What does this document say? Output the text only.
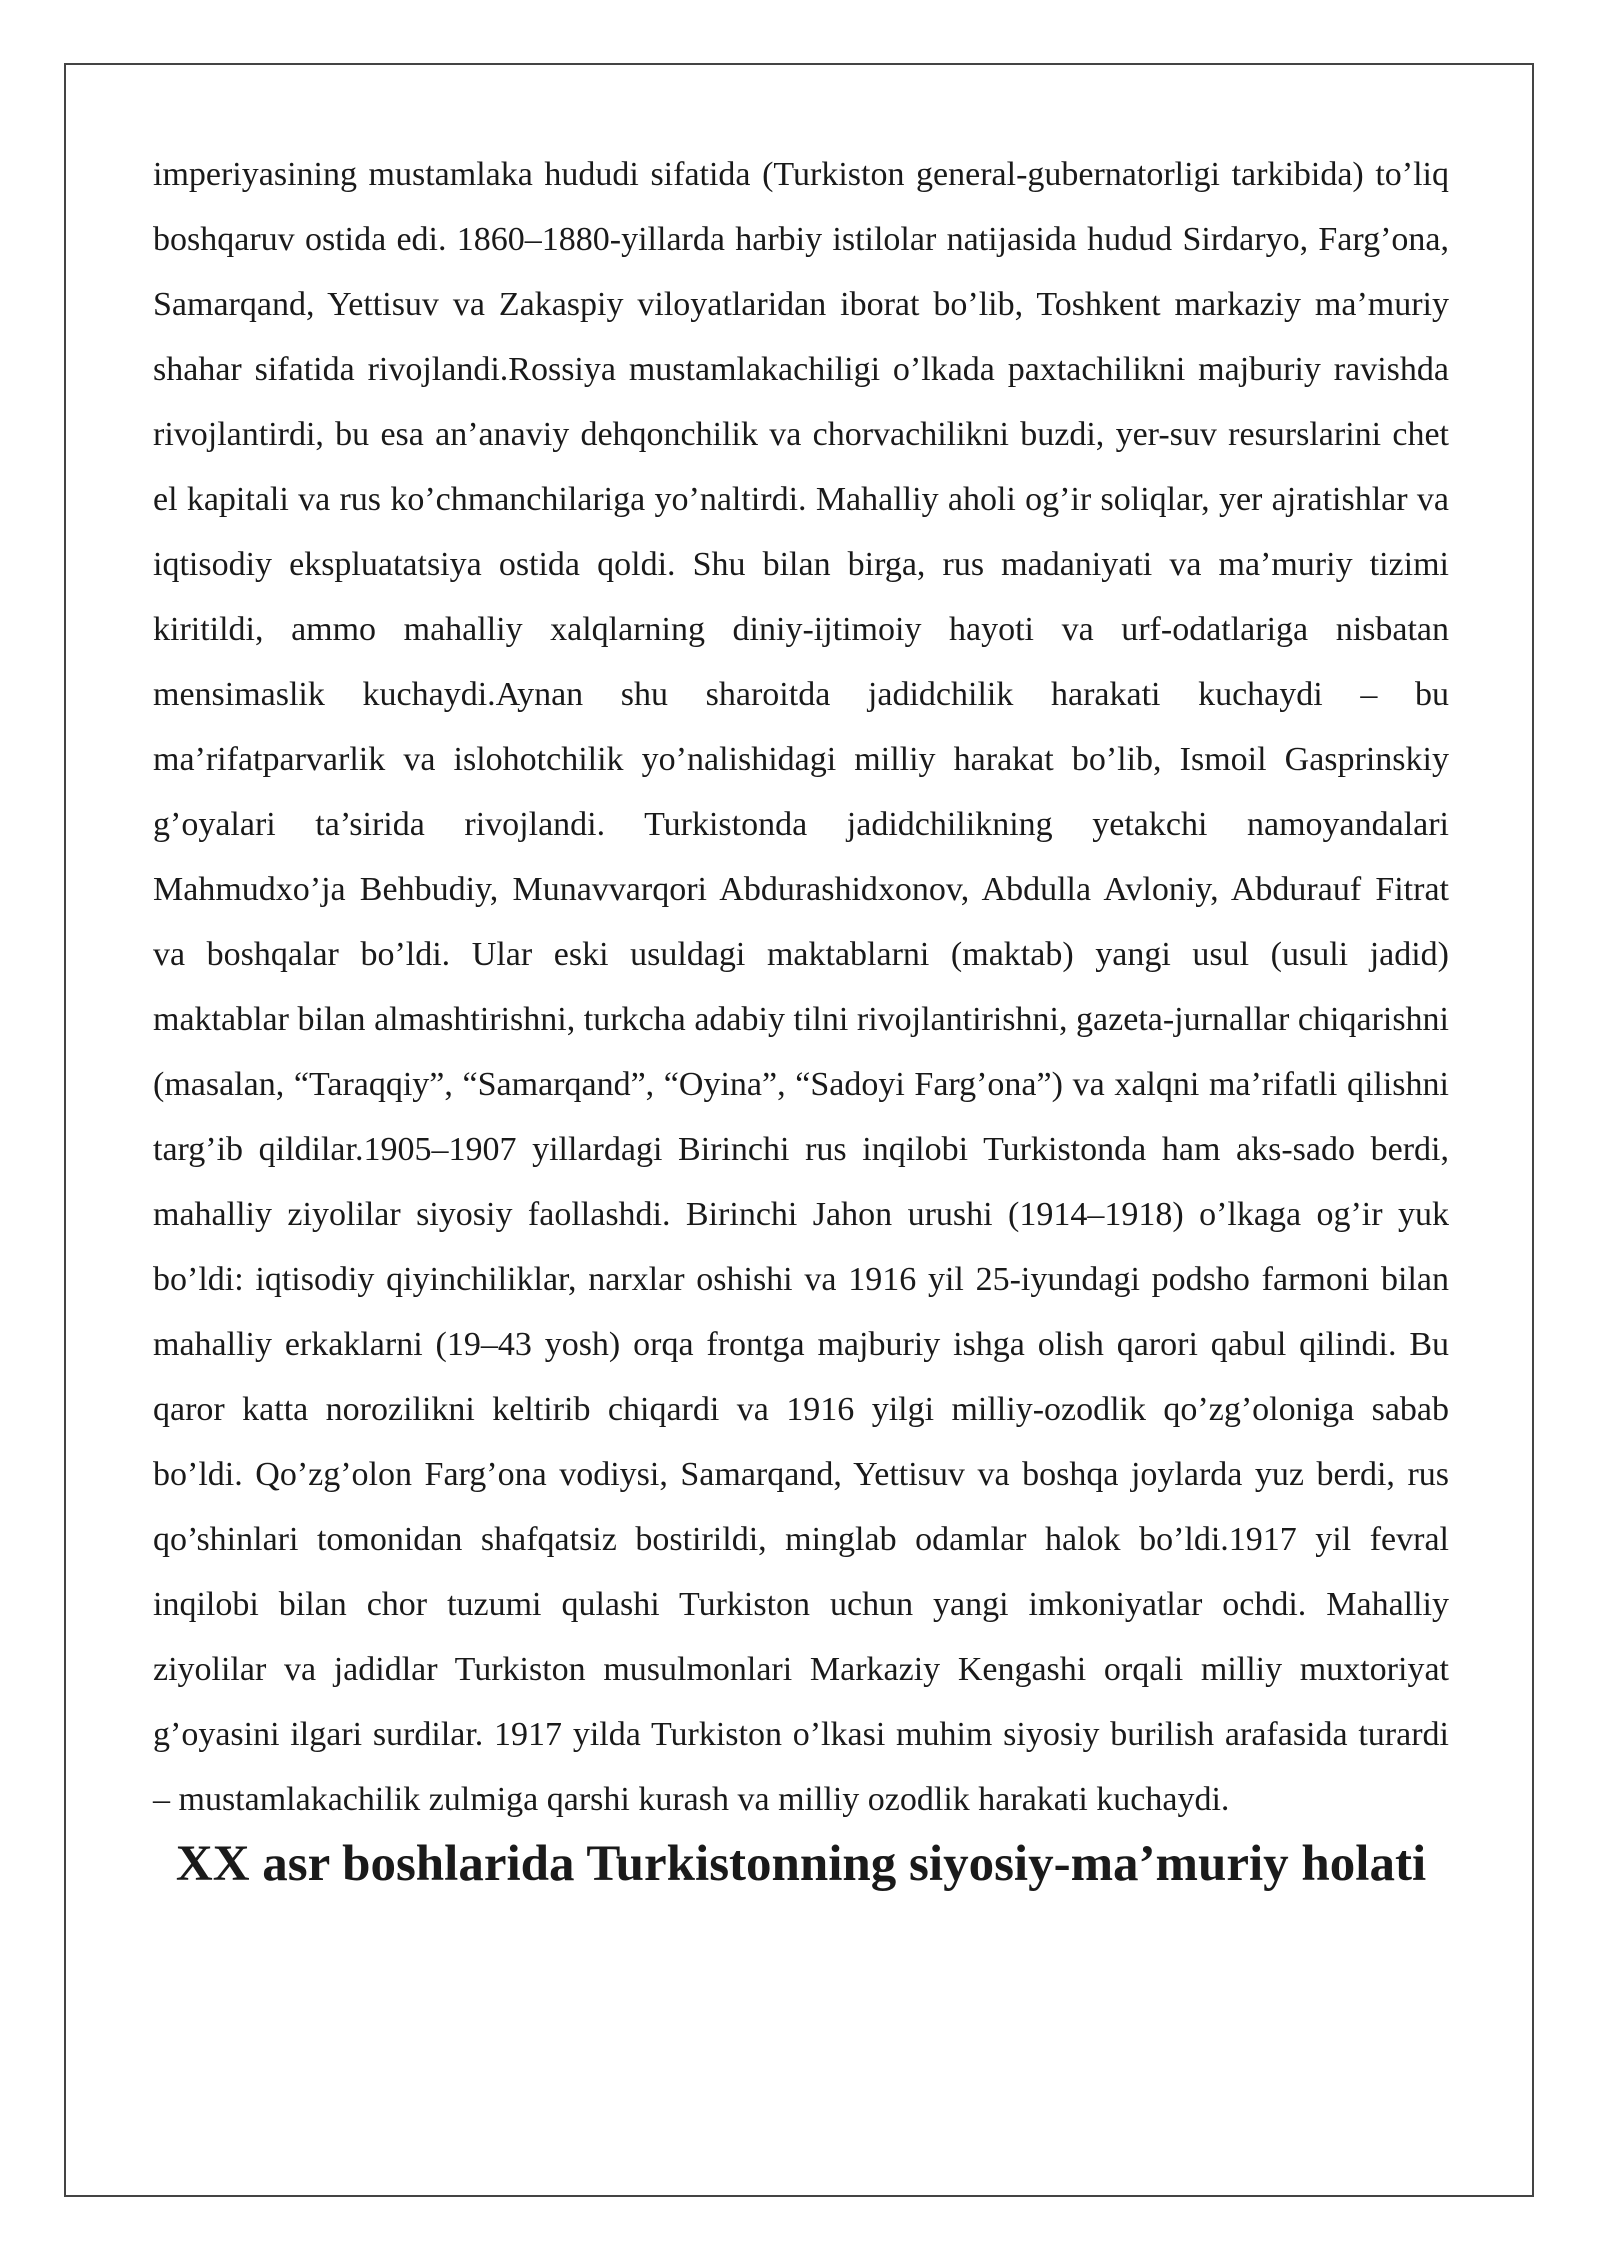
imperiyasining mustamlaka hududi sifatida (Turkiston general-gubernatorligi tarkibida) to’liq boshqaruv ostida edi. 1860–1880-yillarda harbiy istilolar natijasida hudud Sirdaryo, Farg’ona, Samarqand, Yettisuv va Zakaspiy viloyatlaridan iborat bo’lib, Toshkent markaziy ma’muriy shahar sifatida rivojlandi.Rossiya mustamlakachiligi o’lkada paxtachilikni majburiy ravishda rivojlantirdi, bu esa an’anaviy dehqonchilik va chorvachilikni buzdi, yer-suv resurslarini chet el kapitali va rus ko’chmanchilariga yo’naltirdi. Mahalliy aholi og’ir soliqlar, yer ajratishlar va iqtisodiy ekspluatatsiya ostida qoldi. Shu bilan birga, rus madaniyati va ma’muriy tizimi kiritildi, ammo mahalliy xalqlarning diniy-ijtimoiy hayoti va urf-odatlariga nisbatan mensimaslik kuchaydi.Aynan shu sharoitda jadidchilik harakati kuchaydi – bu ma’rifatparvarlik va islohotchilik yo’nalishidagi milliy harakat bo’lib, Ismoil Gasprinskiy g’oyalari ta’sirida rivojlandi. Turkistonda jadidchilikning yetakchi namoyandalari Mahmudxo’ja Behbudiy, Munavvarqori Abdurashidxonov, Abdulla Avloniy, Abdurauf Fitrat va boshqalar bo’ldi. Ular eski usuldagi maktablarni (maktab) yangi usul (usuli jadid) maktablar bilan almashtirishni, turkcha adabiy tilni rivojlantirishni, gazeta-jurnallar chiqarishni (masalan, “Taraqqiy”, “Samarqand”, “Oyina”, “Sadoyi Farg’ona”) va xalqni ma’rifatli qilishni targ’ib qildilar.1905–1907 yillardagi Birinchi rus inqilobi Turkistonda ham aks-sado berdi, mahalliy ziyolilar siyosiy faollashdi. Birinchi Jahon urushi (1914–1918) o’lkaga og’ir yuk bo’ldi: iqtisodiy qiyinchiliklar, narxlar oshishi va 1916 yil 25-iyundagi podsho farmoni bilan mahalliy erkaklarni (19–43 yosh) orqa frontga majburiy ishga olish qarori qabul qilindi. Bu qaror katta norozilikni keltirib chiqardi va 1916 yilgi milliy-ozodlik qo’zg’oloniga sabab bo’ldi. Qo’zg’olon Farg’ona vodiysi, Samarqand, Yettisuv va boshqa joylarda yuz berdi, rus qo’shinlari tomonidan shafqatsiz bostirildi, minglab odamlar halok bo’ldi.1917 yil fevral inqilobi bilan chor tuzumi qulashi Turkiston uchun yangi imkoniyatlar ochdi. Mahalliy ziyolilar va jadidlar Turkiston musulmonlari Markaziy Kengashi orqali milliy muxtoriyat g’oyasini ilgari surdilar. 1917 yilda Turkiston o’lkasi muhim siyosiy burilish arafasida turardi – mustamlakachilik zulmiga qarshi kurash va milliy ozodlik harakati kuchaydi.

XX asr boshlarida Turkistonning siyosiy-ma’muriy holati
